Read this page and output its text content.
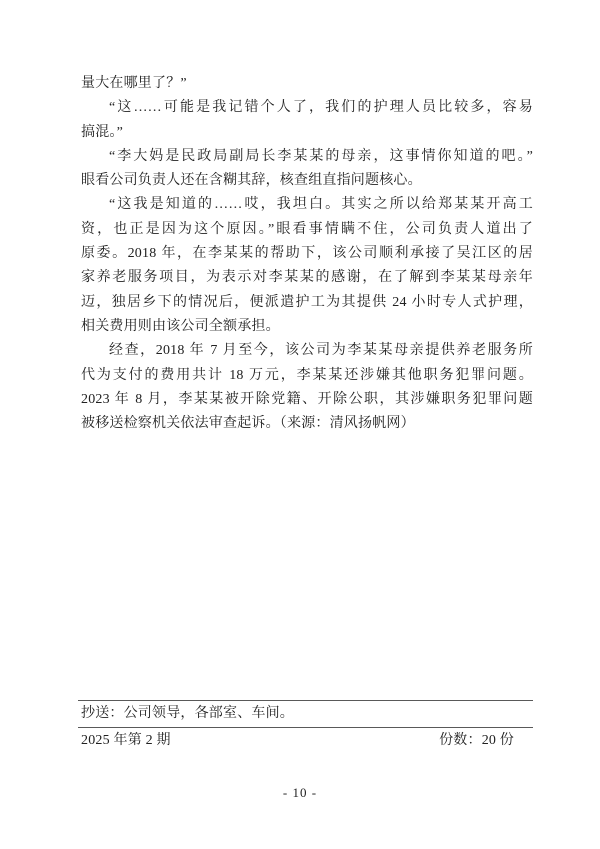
量大在哪里了？”
“这……可能是我记错个人了，我们的护理人员比较多，容易
搞混。”
“李大妈是民政局副局长李某某的母亲，这事情你知道的吧。”
眼看公司负责人还在含糊其辞，核查组直指问题核心。
“这我是知道的……哎，我坦白。其实之所以给郑某某开高工
资，也正是因为这个原因。”眼看事情瞒不住，公司负责人道出了
原委。2018 年，在李某某的帮助下，该公司顺利承接了吴江区的居
家养老服务项目，为表示对李某某的感谢，在了解到李某某母亲年
迈，独居乡下的情况后，便派遣护工为其提供 24 小时专人式护理，
相关费用则由该公司全额承担。
经查，2018 年 7 月至今，该公司为李某某母亲提供养老服务所
代为支付的费用共计 18 万元，李某某还涉嫌其他职务犯罪问题。
2023 年 8 月，李某某被开除党籍、开除公职，其涉嫌职务犯罪问题
被移送检察机关依法审查起诉。（来源：清风扬帆网）
抄送：公司领导，各部室、车间。
2025 年第 2 期	份数：20 份
- 10 -
